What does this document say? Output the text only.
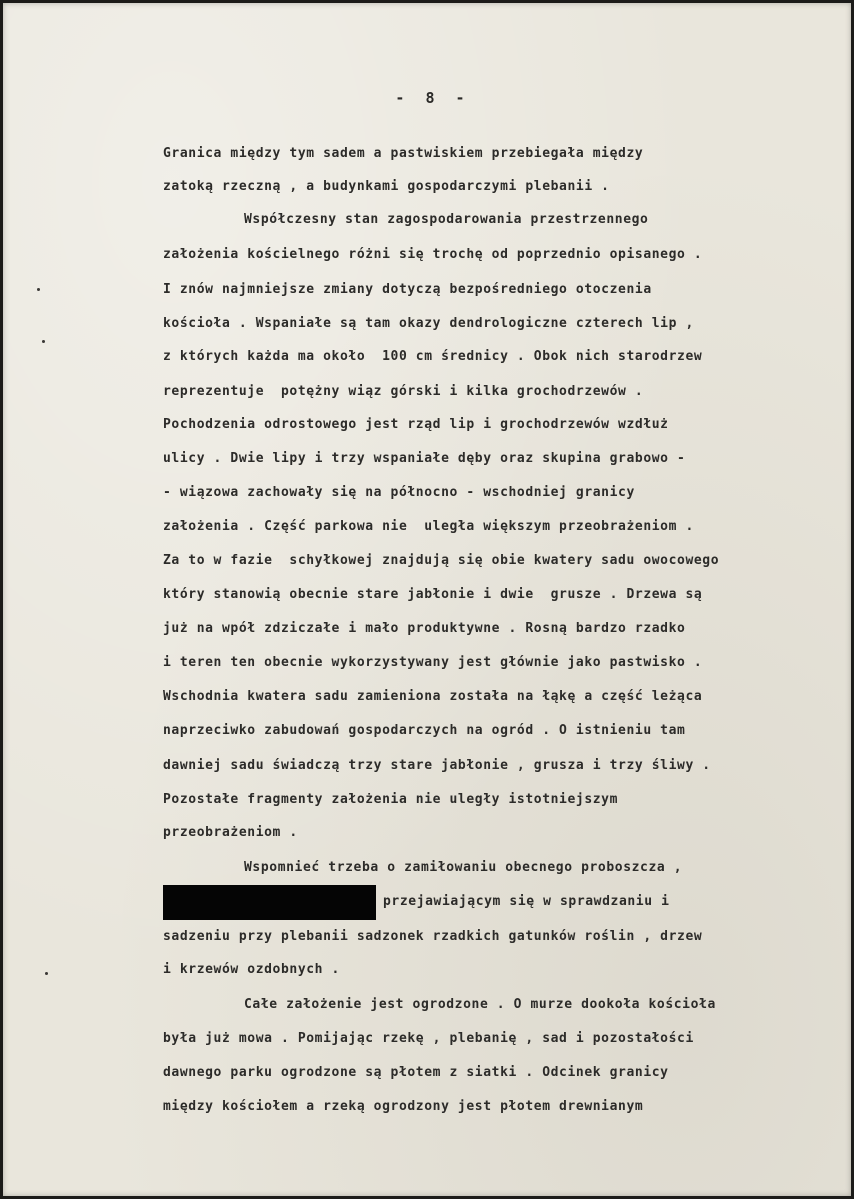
- 8 -
Granica między tym sadem a pastwiskiem przebiegała między
zatoką rzeczną , a budynkami gospodarczymi plebanii .
Współczesny stan zagospodarowania przestrzennego
założenia kościelnego różni się trochę od poprzednio opisanego .
I znów najmniejsze zmiany dotyczą bezpośredniego otoczenia
kościoła . Wspaniałe są tam okazy dendrologiczne czterech lip ,
z których każda ma około  100 cm średnicy . Obok nich starodrzew
reprezentuje  potężny wiąz górski i kilka grochodrzewów .
Pochodzenia odrostowego jest rząd lip i grochodrzewów wzdłuż
ulicy . Dwie lipy i trzy wspaniałe dęby oraz skupina grabowo -
- wiązowa zachowały się na północno - wschodniej granicy
założenia . Część parkowa nie  uległa większym przeobrażeniom .
Za to w fazie  schyłkowej znajdują się obie kwatery sadu owocowego
który stanowią obecnie stare jabłonie i dwie  grusze . Drzewa są
już na wpół zdziczałe i mało produktywne . Rosną bardzo rzadko
i teren ten obecnie wykorzystywany jest głównie jako pastwisko .
Wschodnia kwatera sadu zamieniona została na łąkę a część leżąca
naprzeciwko zabudowań gospodarczych na ogród . O istnieniu tam
dawniej sadu świadczą trzy stare jabłonie , grusza i trzy śliwy .
Pozostałe fragmenty założenia nie uległy istotniejszym
przeobrażeniom .
Wspomnieć trzeba o zamiłowaniu obecnego proboszcza ,
przejawiającym się w sprawdzaniu i
sadzeniu przy plebanii sadzonek rzadkich gatunków roślin , drzew
i krzewów ozdobnych .
Całe założenie jest ogrodzone . O murze dookoła kościoła
była już mowa . Pomijając rzekę , plebanię , sad i pozostałości
dawnego parku ogrodzone są płotem z siatki . Odcinek granicy
między kościołem a rzeką ogrodzony jest płotem drewnianym
